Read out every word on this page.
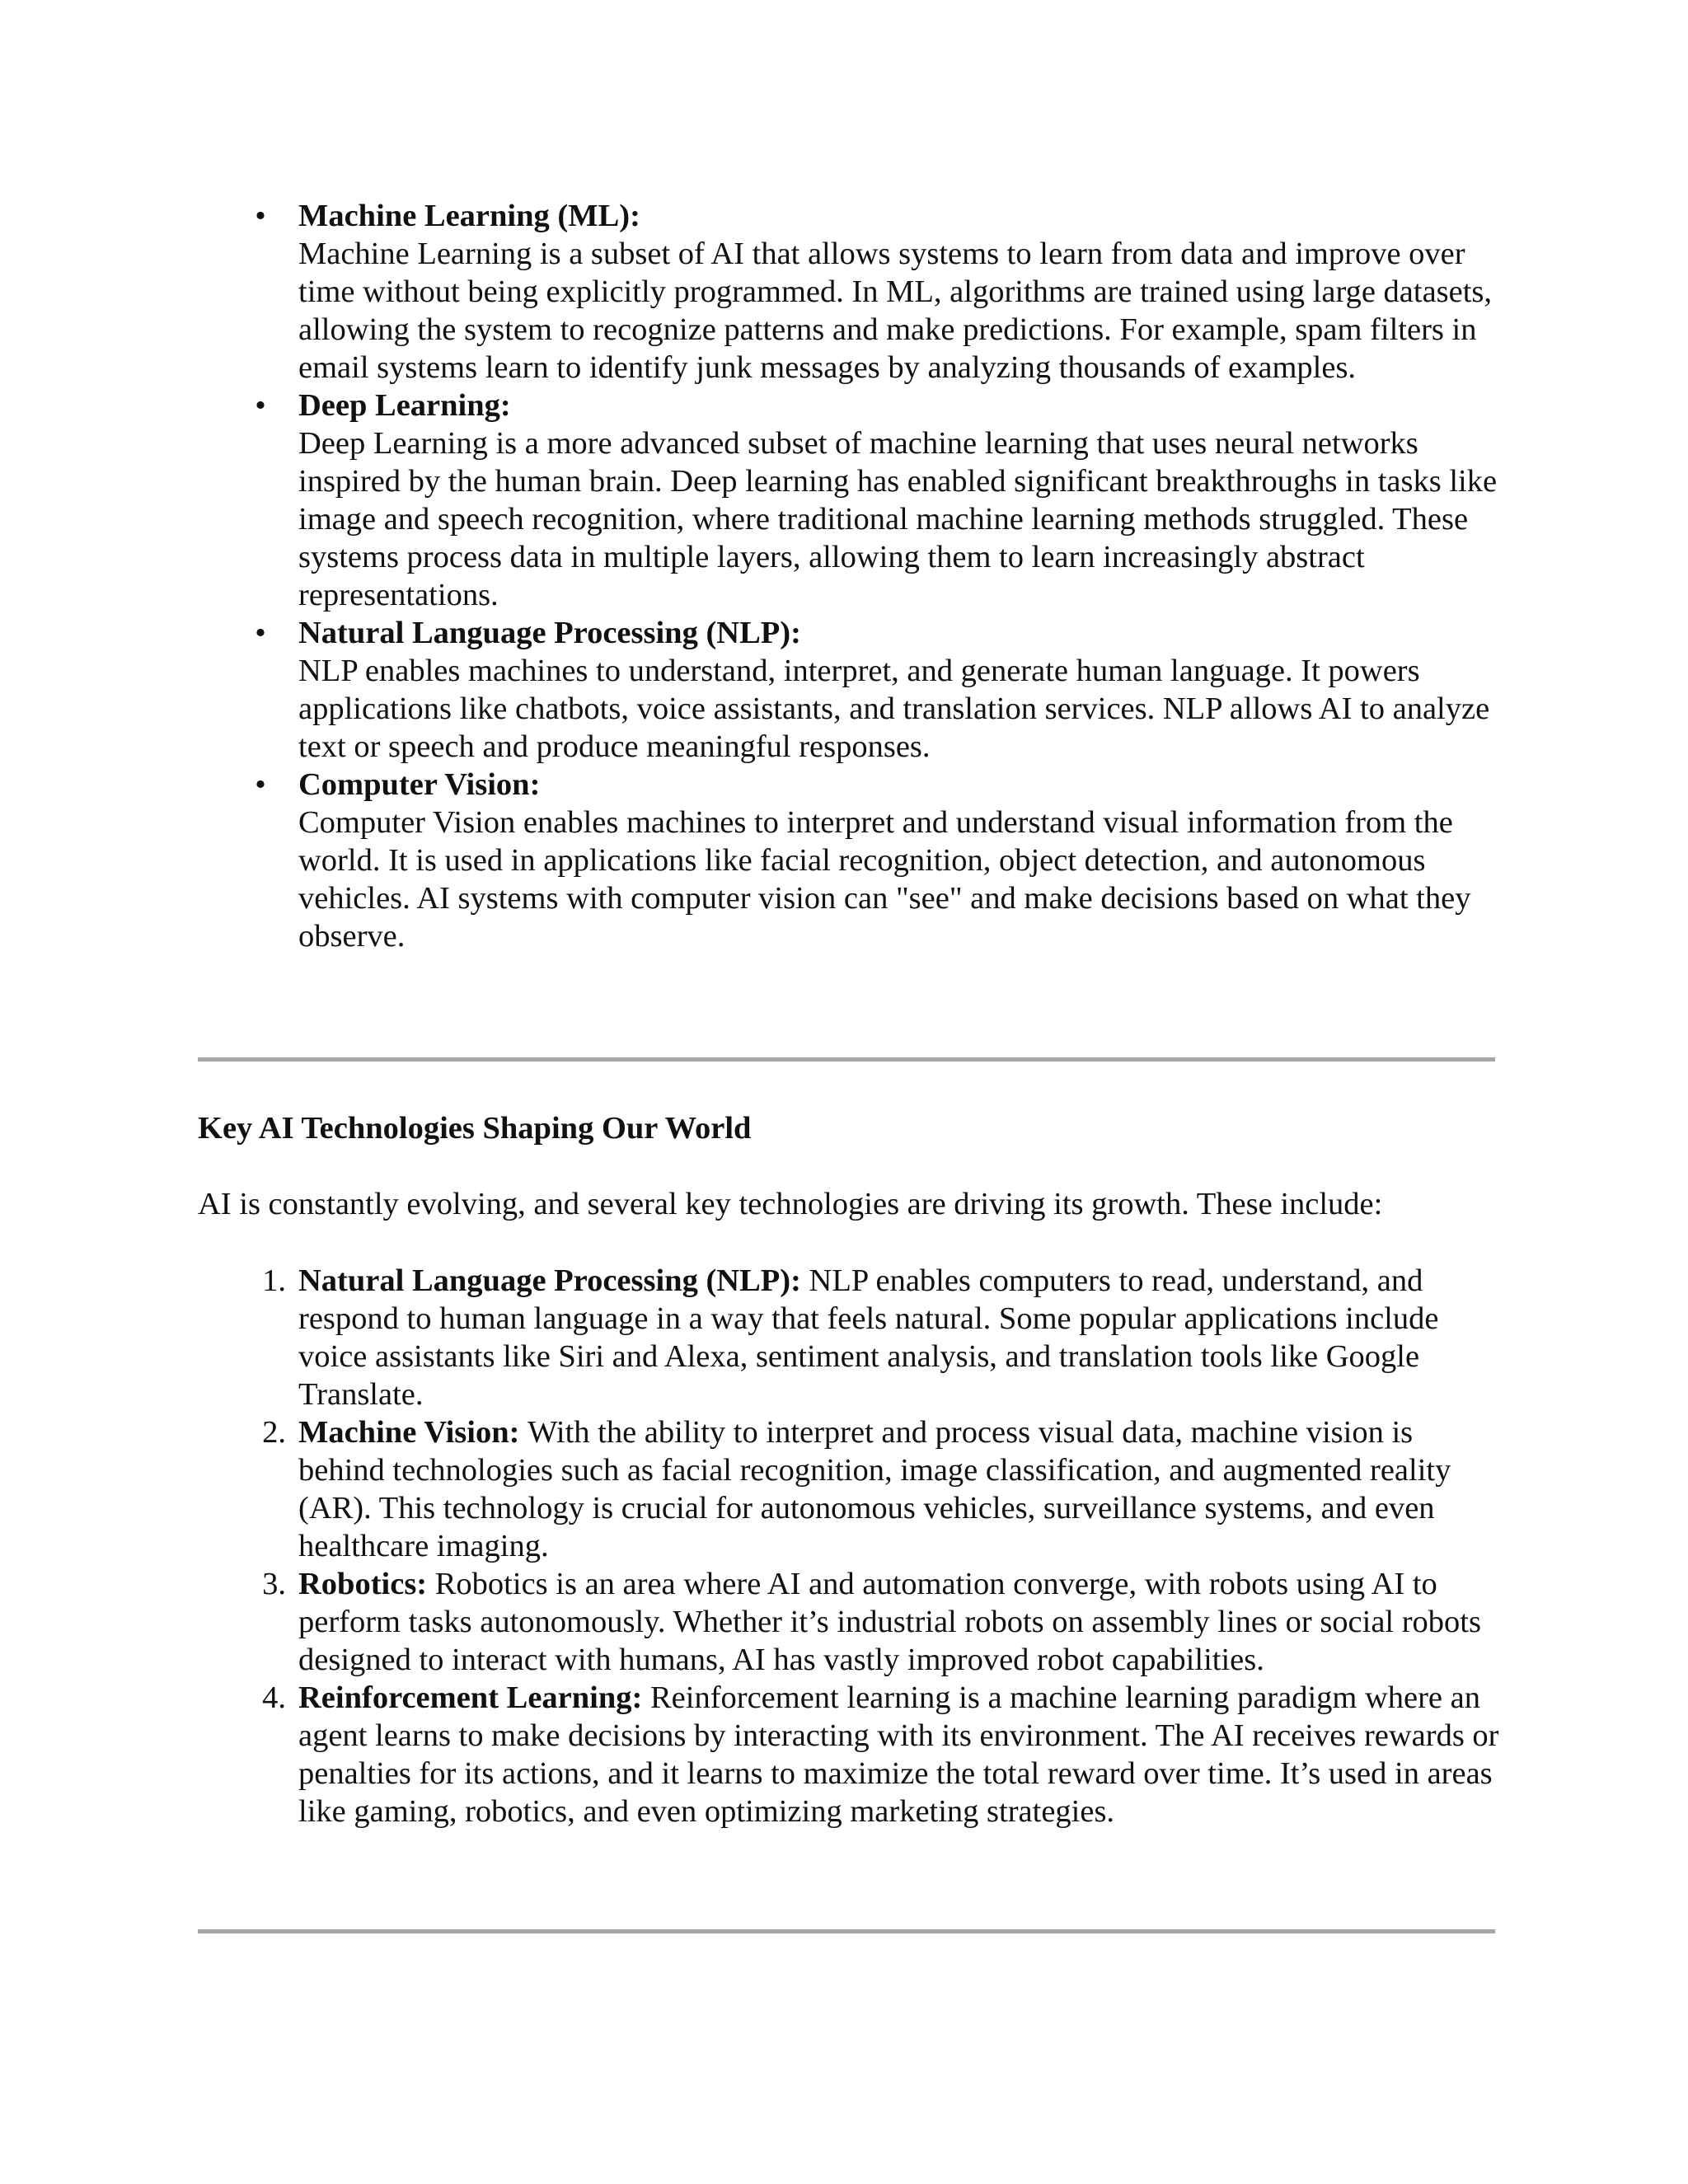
• Machine Learning (ML):
Machine Learning is a subset of AI that allows systems to learn from data and improve over time without being explicitly programmed. In ML, algorithms are trained using large datasets, allowing the system to recognize patterns and make predictions. For example, spam filters in email systems learn to identify junk messages by analyzing thousands of examples.
• Deep Learning:
Deep Learning is a more advanced subset of machine learning that uses neural networks inspired by the human brain. Deep learning has enabled significant breakthroughs in tasks like image and speech recognition, where traditional machine learning methods struggled. These systems process data in multiple layers, allowing them to learn increasingly abstract representations.
• Natural Language Processing (NLP):
NLP enables machines to understand, interpret, and generate human language. It powers applications like chatbots, voice assistants, and translation services. NLP allows AI to analyze text or speech and produce meaningful responses.
• Computer Vision:
Computer Vision enables machines to interpret and understand visual information from the world. It is used in applications like facial recognition, object detection, and autonomous vehicles. AI systems with computer vision can "see" and make decisions based on what they observe.
Key AI Technologies Shaping Our World
AI is constantly evolving, and several key technologies are driving its growth. These include:
1. Natural Language Processing (NLP): NLP enables computers to read, understand, and respond to human language in a way that feels natural. Some popular applications include voice assistants like Siri and Alexa, sentiment analysis, and translation tools like Google Translate.
2. Machine Vision: With the ability to interpret and process visual data, machine vision is behind technologies such as facial recognition, image classification, and augmented reality (AR). This technology is crucial for autonomous vehicles, surveillance systems, and even healthcare imaging.
3. Robotics: Robotics is an area where AI and automation converge, with robots using AI to perform tasks autonomously. Whether it’s industrial robots on assembly lines or social robots designed to interact with humans, AI has vastly improved robot capabilities.
4. Reinforcement Learning: Reinforcement learning is a machine learning paradigm where an agent learns to make decisions by interacting with its environment. The AI receives rewards or penalties for its actions, and it learns to maximize the total reward over time. It’s used in areas like gaming, robotics, and even optimizing marketing strategies.
